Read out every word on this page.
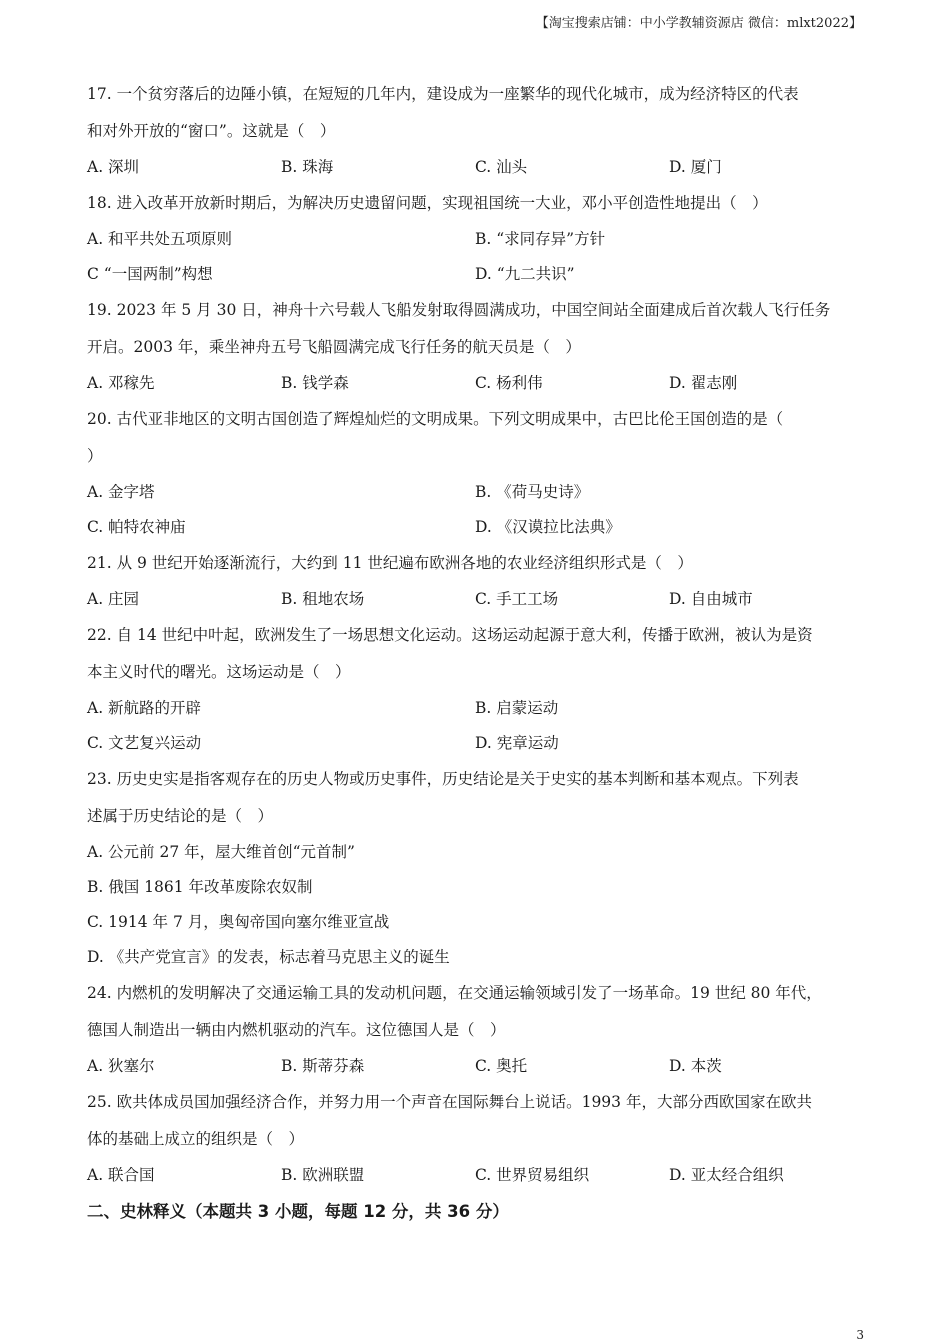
【淘宝搜索店铺：中小学教辅资源店 微信：mlxt2022】
17. 一个贫穷落后的边陲小镇，在短短的几年内，建设成为一座繁华的现代化城市，成为经济特区的代表
和对外开放的“窗口”。这就是（　）
A. 深圳	B. 珠海	C. 汕头	D. 厦门
18. 进入改革开放新时期后，为解决历史遗留问题，实现祖国统一大业，邓小平创造性地提出（　）
A. 和平共处五项原则	B. “求同存异”方针
C “一国两制”构想	D. “九二共识”
19. 2023 年 5 月 30 日，神舟十六号载人飞船发射取得圆满成功，中国空间站全面建成后首次载人飞行任务
开启。2003 年，乘坐神舟五号飞船圆满完成飞行任务的航天员是（　）
A. 邓稼先	B. 钱学森	C. 杨利伟	D. 翟志刚
20. 古代亚非地区的文明古国创造了辉煌灿烂的文明成果。下列文明成果中，古巴比伦王国创造的是（
）
A. 金字塔	B. 《荷马史诗》
C. 帕特农神庙	D. 《汉谟拉比法典》
21. 从 9 世纪开始逐渐流行，大约到 11 世纪遍布欧洲各地的农业经济组织形式是（　）
A. 庄园	B. 租地农场	C. 手工工场	D. 自由城市
22. 自 14 世纪中叶起，欧洲发生了一场思想文化运动。这场运动起源于意大利，传播于欧洲，被认为是资
本主义时代的曙光。这场运动是（　）
A. 新航路的开辟	B. 启蒙运动
C. 文艺复兴运动	D. 宪章运动
23. 历史史实是指客观存在的历史人物或历史事件，历史结论是关于史实的基本判断和基本观点。下列表
述属于历史结论的是（　）
A. 公元前 27 年，屋大维首创“元首制”
B. 俄国 1861 年改革废除农奴制
C. 1914 年 7 月，奥匈帝国向塞尔维亚宣战
D. 《共产党宣言》的发表，标志着马克思主义的诞生
24. 内燃机的发明解决了交通运输工具的发动机问题，在交通运输领域引发了一场革命。19 世纪 80 年代，
德国人制造出一辆由内燃机驱动的汽车。这位德国人是（　）
A. 狄塞尔	B. 斯蒂芬森	C. 奥托	D. 本茨
25. 欧共体成员国加强经济合作，并努力用一个声音在国际舞台上说话。1993 年，大部分西欧国家在欧共
体的基础上成立的组织是（　）
A. 联合国	B. 欧洲联盟	C. 世界贸易组织	D. 亚太经合组织
二、史林释义（本题共 3 小题，每题 12 分，共 36 分）
3
